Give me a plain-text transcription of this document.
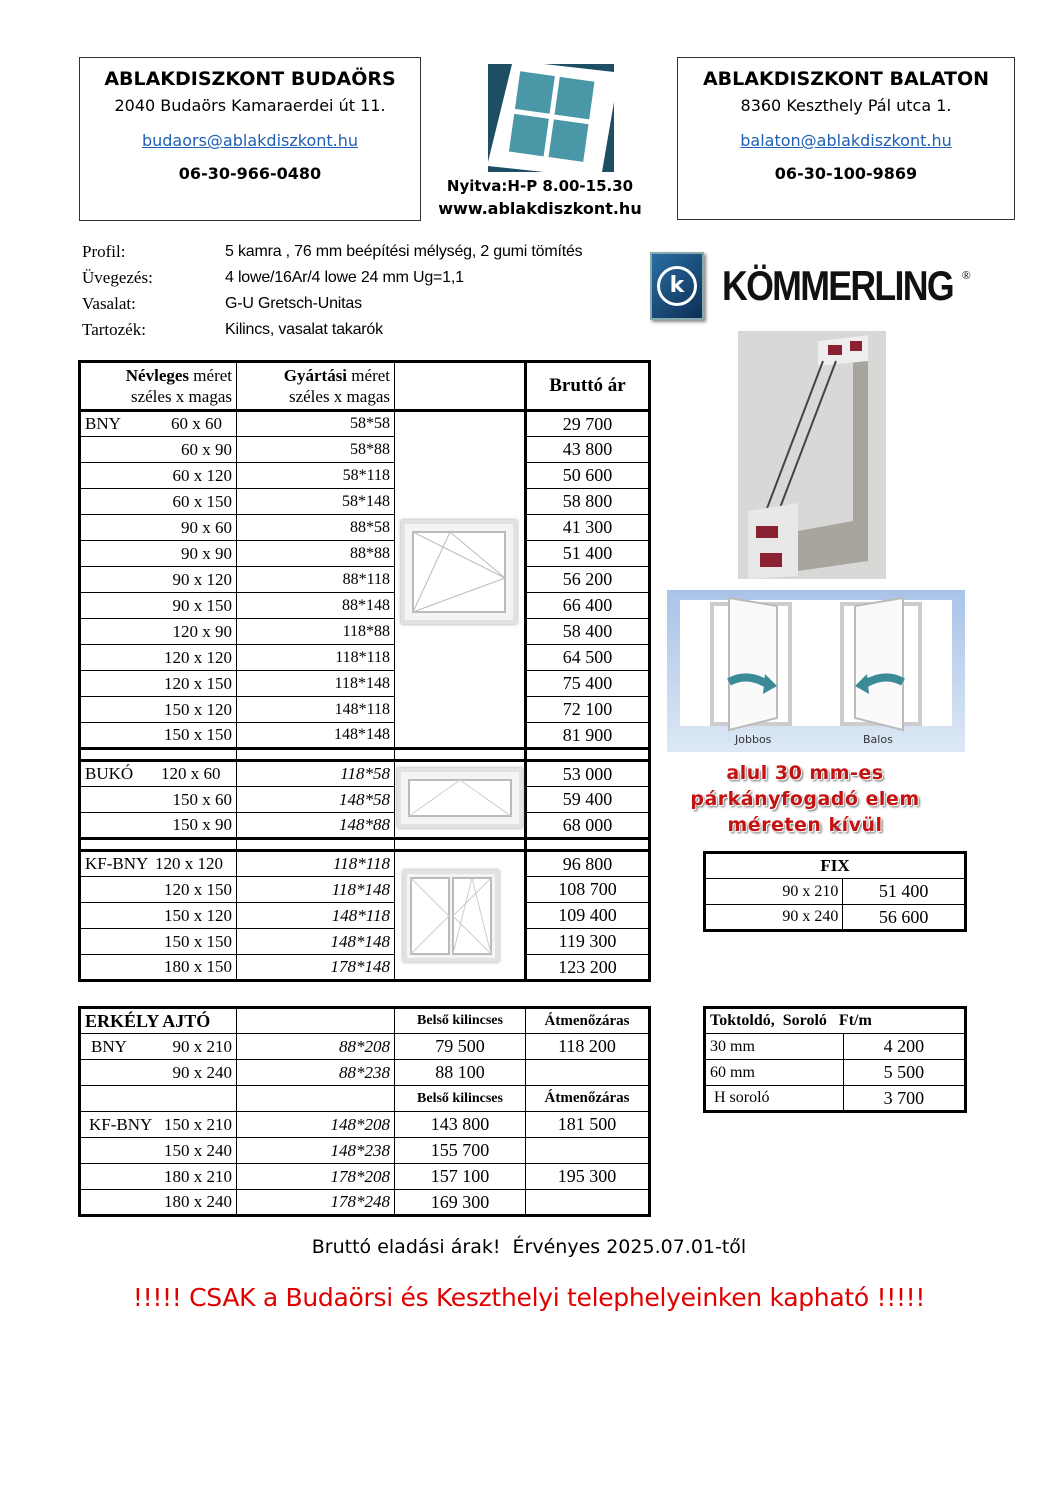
ABLAKDISZKONT BUDAÖRS
2040 Budaörs Kamaraerdei út 11.
budaors@ablakdiszkont.hu
06-30-966-0480
Nyitva:H-P 8.00-15.30
www.ablakdiszkont.hu
ABLAKDISZKONT BALATON
8360 Keszthely Pál utca 1.
balaton@ablakdiszkont.hu
06-30-100-9869
Profil:	5 kamra , 76 mm beépítési mélység, 2 gumi tömítés
Üvegezés:	4 lowe/16Ar/4 lowe 24 mm Ug=1,1
Vasalat:	G-U Gretsch-Unitas
Tartozék:	Kilincs, vasalat takarók
k KÖMMERLING ®
Jobbos	Balos
alul 30 mm-es
párkányfogadó elem
méreten kívül
Névleges méret
széles x magas

Gyártási méret
széles x magas
		Bruttó ár
BNY 60 x 60	58*58		29 700
60 x 90	58*88		43 800
60 x 120	58*118		50 600
60 x 150	58*148		58 800
90 x 60	88*58		41 300
90 x 90	88*88		51 400
90 x 120	88*118		56 200
90 x 150	88*148		66 400
120 x 90	118*88		58 400
120 x 120	118*118		64 500
120 x 150	118*148		75 400
150 x 120	148*118		72 100
150 x 150	148*148		81 900

BUKÓ 120 x 60	118*58		53 000
150 x 60	148*58		59 400
150 x 90	148*88		68 000

KF-BNY 120 x 120	118*118		96 800
120 x 150	118*148		108 700
150 x 120	148*118		109 400
150 x 150	148*148		119 300
180 x 150	178*148		123 200
FIX	
90 x 210	51 400
90 x 240	56 600
ERKÉLY AJTÓ		Belső kilincses	Átmenőzáras
BNY 90 x 210	88*208	79 500	118 200
90 x 240	88*238	88 100	
		Belső kilincses	Átmenőzáras
KF-BNY 150 x 210	148*208	143 800	181 500
150 x 240	148*238	155 700	
180 x 210	178*208	157 100	195 300
180 x 240	178*248	169 300	
Toktoldó,  Soroló   Ft/m	
30 mm	4 200
60 mm	5 500
H soroló	3 700
Bruttó eladási árak!  Érvényes 2025.07.01-től
!!!!! CSAK a Budaörsi és Keszthelyi telephelyeinken kapható !!!!!
